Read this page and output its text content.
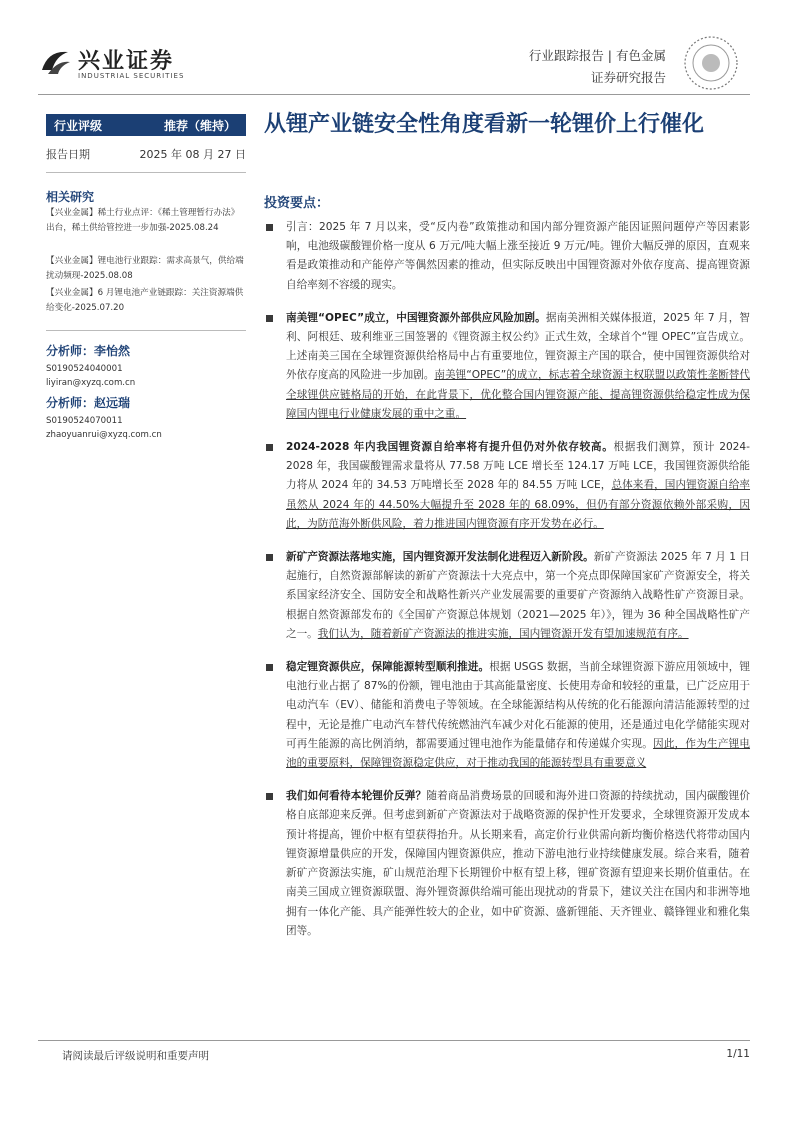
兴业证券
INDUSTRIAL SECURITIES
行业跟踪报告 | 有色金属
证券研究报告
行业评级	推荐（维持）
报告日期	2025 年 08 月 27 日
相关研究
【兴业金属】稀土行业点评：《稀土管理暂行办法》出台，稀土供给管控进一步加强-2025.08.24
【兴业金属】锂电池行业跟踪：需求高景气，供给端扰动频现-2025.08.08
【兴业金属】6 月锂电池产业链跟踪：关注资源端供给变化-2025.07.20
分析师：李怡然
S0190524040001
liyiran@xyzq.com.cn
分析师：赵远瑞
S0190524070011
zhaoyuanrui@xyzq.com.cn
从锂产业链安全性角度看新一轮锂价上行催化
投资要点：
引言：2025 年 7 月以来，受“反内卷”政策推动和国内部分锂资源产能因证照问题停产等因素影响，电池级碳酸锂价格一度从 6 万元/吨大幅上涨至接近 9 万元/吨。锂价大幅反弹的原因，直观来看是政策推动和产能停产等偶然因素的推动，但实际反映出中国锂资源对外依存度高、提高锂资源自给率刻不容缓的现实。
南美锂“OPEC”成立，中国锂资源外部供应风险加剧。据南美洲相关媒体报道，2025 年 7 月，智利、阿根廷、玻利维亚三国签署的《锂资源主权公约》正式生效，全球首个“锂 OPEC”宣告成立。上述南美三国在全球锂资源供给格局中占有重要地位，锂资源主产国的联合，使中国锂资源供给对外依存度高的风险进一步加剧。南美锂“OPEC”的成立，标志着全球资源主权联盟以政策性垄断替代全球锂供应链格局的开始，在此背景下，优化整合国内锂资源产能、提高锂资源供给稳定性成为保障国内锂电行业健康发展的重中之重。
2024-2028 年内我国锂资源自给率将有提升但仍对外依存较高。根据我们测算，预计 2024-2028 年，我国碳酸锂需求量将从 77.58 万吨 LCE 增长至 124.17 万吨 LCE，我国锂资源供给能力将从 2024 年的 34.53 万吨增长至 2028 年的 84.55 万吨 LCE，总体来看，国内锂资源自给率虽然从 2024 年的 44.50%大幅提升至 2028 年的 68.09%，但仍有部分资源依赖外部采购，因此，为防范海外断供风险，着力推进国内锂资源有序开发势在必行。
新矿产资源法落地实施，国内锂资源开发法制化进程迈入新阶段。新矿产资源法 2025 年 7 月 1 日起施行，自然资源部解读的新矿产资源法十大亮点中，第一个亮点即保障国家矿产资源安全，将关系国家经济安全、国防安全和战略性新兴产业发展需要的重要矿产资源纳入战略性矿产资源目录。根据自然资源部发布的《全国矿产资源总体规划（2021—2025 年）》，锂为 36 种全国战略性矿产之一。我们认为，随着新矿产资源法的推进实施，国内锂资源开发有望加速规范有序。
稳定锂资源供应，保障能源转型顺利推进。根据 USGS 数据，当前全球锂资源下游应用领域中，锂电池行业占据了 87%的份额，锂电池由于其高能量密度、长使用寿命和较轻的重量，已广泛应用于电动汽车（EV）、储能和消费电子等领域。在全球能源结构从传统的化石能源向清洁能源转型的过程中，无论是推广电动汽车替代传统燃油汽车减少对化石能源的使用，还是通过电化学储能实现对可再生能源的高比例消纳，都需要通过锂电池作为能量储存和传递媒介实现。因此，作为生产锂电池的重要原料，保障锂资源稳定供应，对于推动我国的能源转型具有重要意义
我们如何看待本轮锂价反弹？随着商品消费场景的回暖和海外进口资源的持续扰动，国内碳酸锂价格自底部迎来反弹。但考虑到新矿产资源法对于战略资源的保护性开发要求，全球锂资源开发成本预计将提高，锂价中枢有望获得抬升。从长期来看，高定价行业供需向新均衡价格迭代将带动国内锂资源增量供应的开发，保障国内锂资源供应，推动下游电池行业持续健康发展。综合来看，随着新矿产资源法实施，矿山规范治理下长期锂价中枢有望上移，锂矿资源有望迎来长期价值重估。在南美三国成立锂资源联盟、海外锂资源供给端可能出现扰动的背景下，建议关注在国内和非洲等地拥有一体化产能、具产能弹性较大的企业，如中矿资源、盛新锂能、天齐锂业、赣锋锂业和雅化集团等。
请阅读最后评级说明和重要声明	1/11
